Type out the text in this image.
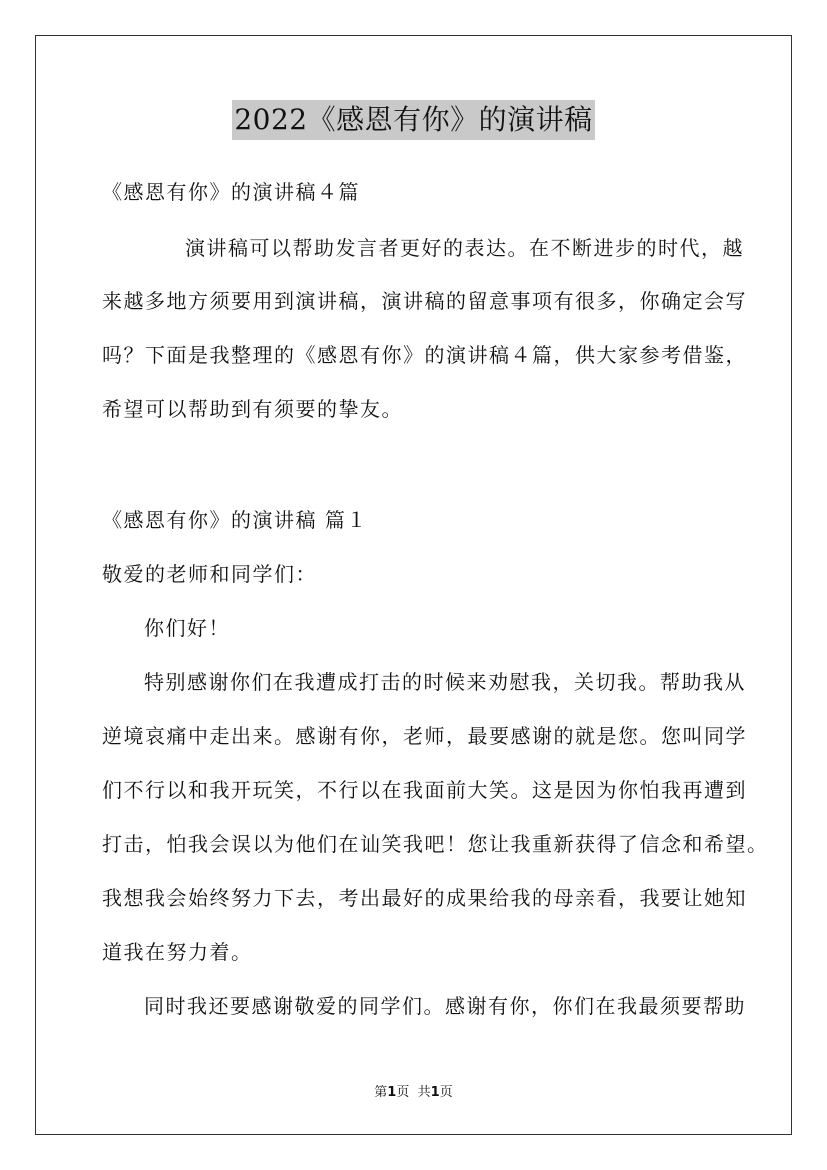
2022《感恩有你》的演讲稿
《感恩有你》的演讲稿４篇
演讲稿可以帮助发言者更好的表达。在不断进步的时代，越
来越多地方须要用到演讲稿，演讲稿的留意事项有很多，你确定会写
吗？下面是我整理的《感恩有你》的演讲稿４篇，供大家参考借鉴，
希望可以帮助到有须要的挚友。
《感恩有你》的演讲稿 篇１
敬爱的老师和同学们：
你们好！
特别感谢你们在我遭成打击的时候来劝慰我，关切我。帮助我从
逆境哀痛中走出来。感谢有你，老师，最要感谢的就是您。您叫同学
们不行以和我开玩笑，不行以在我面前大笑。这是因为你怕我再遭到
打击，怕我会误以为他们在讪笑我吧！您让我重新获得了信念和希望。
我想我会始终努力下去，考出最好的成果给我的母亲看，我要让她知
道我在努力着。
同时我还要感谢敬爱的同学们。感谢有你，你们在我最须要帮助
第1页 共1页
